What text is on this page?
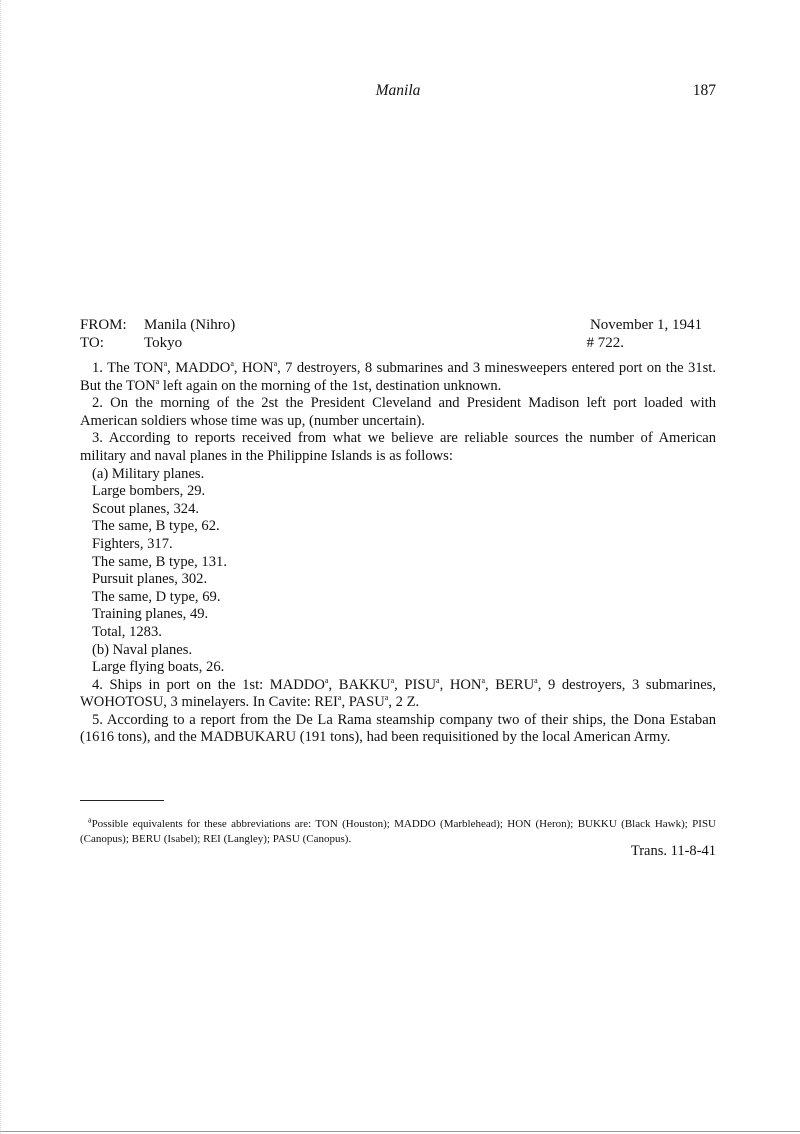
Manila	187
FROM: Manila (Nihro)	November 1, 1941
TO:	Tokyo	# 722.

1. The TON$^a$, MADDO$^a$, HON$^a$, 7 destroyers, 8 submarines and 3 minesweepers entered port on the 31st. But the TON$^a$ left again on the morning of the 1st, destination unknown.

2. On the morning of the 2st the President Cleveland and President Madison left port loaded with American soldiers whose time was up, (number uncertain).

3. According to reports received from what we believe are reliable sources the number of American military and naval planes in the Philippine Islands is as follows:

(a) Military planes.

Large bombers, 29.

Scout planes, 324.

The same, B type, 62.

Fighters, 317.

The same, B type, 131.

Pursuit planes, 302.

The same, D type, 69.

Training planes, 49.

Total, 1283.

(b) Naval planes.

Large flying boats, 26.

4. Ships in port on the 1st: MADDO$^a$, BAKKU$^a$, PISU$^a$, HON$^a$, BERU$^a$, 9 destroyers, 3 submarines, WOHOTOSU, 3 minelayers. In Cavite: REI$^a$, PASU$^a$, 2 Z.

5. According to a report from the De La Rama steamship company two of their ships, the Dona Estaban (1616 tons), and the MADBUKARU (191 tons), had been requisitioned by the local American Army.

$^a$Possible equivalents for these abbreviations are: TON (Houston); MADDO (Marblehead); HON (Heron); BUKKU (Black Hawk); PISU (Canopus); BERU (Isabel); REI (Langley); PASU (Canopus).

Trans. 11-8-41
